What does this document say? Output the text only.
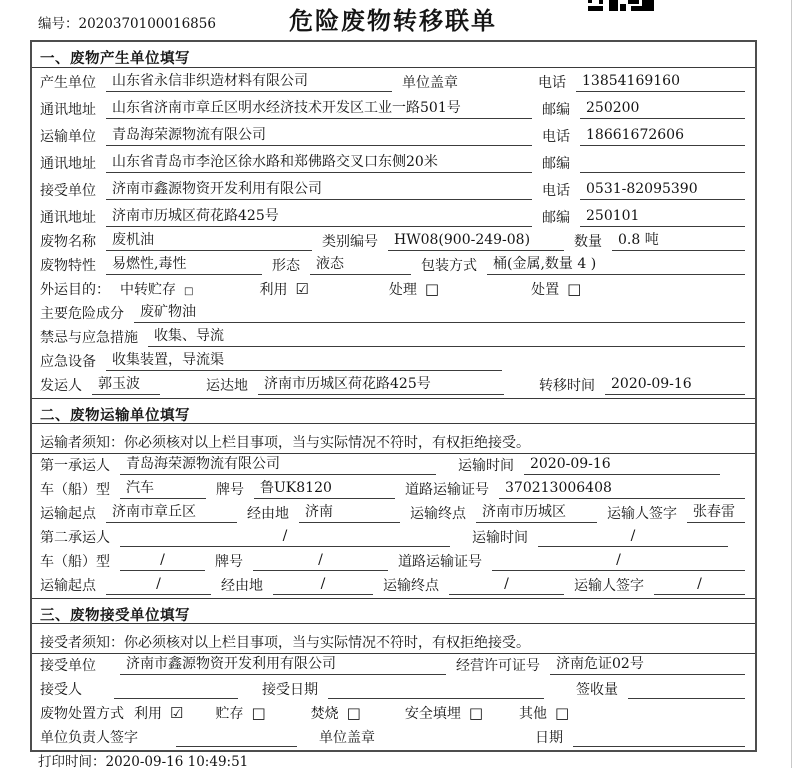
编号：2020370100016856	危险废物转移联单
一、废物产生单位填写
产生单位	山东省永信非织造材料有限公司	单位盖章	电话	13854169160
通讯地址	山东省济南市章丘区明水经济技术开发区工业一路501号	邮编	250200
运输单位	青岛海荣源物流有限公司	电话	18661672606
通讯地址	山东省青岛市李沧区徐水路和郑佛路交叉口东侧20米	邮编
接受单位	济南市鑫源物资开发利用有限公司	电话	0531-82095390
通讯地址	济南市历城区荷花路425号	邮编	250101
废物名称	废机油	类别编号	HW08(900-249-08)	数量	0.8 吨
废物特性	易燃性,毒性	形态	液态	包装方式	桶(金属,数量 4 )
外运目的： 中转贮存 □	利用 ☑	处理 □	处置 □
主要危险成分	废矿物油
禁忌与应急措施	收集、导流
应急设备	收集装置，导流渠
发运人	郭玉波	运达地	济南市历城区荷花路425号	转移时间	2020-09-16
二、废物运输单位填写
运输者须知：你必须核对以上栏目事项，当与实际情况不符时，有权拒绝接受。
第一承运人	青岛海荣源物流有限公司	运输时间	2020-09-16
车（船）型	汽车	牌号	鲁UK8120	道路运输证号	370213006408
运输起点	济南市章丘区	经由地	济南	运输终点	济南市历城区	运输人签字	张春雷
第二承运人	/	运输时间	/
车（船）型	/	牌号	/	道路运输证号	/
运输起点	/	经由地	/	运输终点	/	运输人签字	/
三、废物接受单位填写
接受者须知：你必须核对以上栏目事项，当与实际情况不符时，有权拒绝接受。
接受单位	济南市鑫源物资开发利用有限公司	经营许可证号	济南危证02号
接受人	接受日期	签收量
废物处置方式 利用 ☑ 贮存 □	焚烧 □	安全填埋 □	其他 □
单位负责人签字	单位盖章	日期
打印时间：2020-09-16 10:49:51
